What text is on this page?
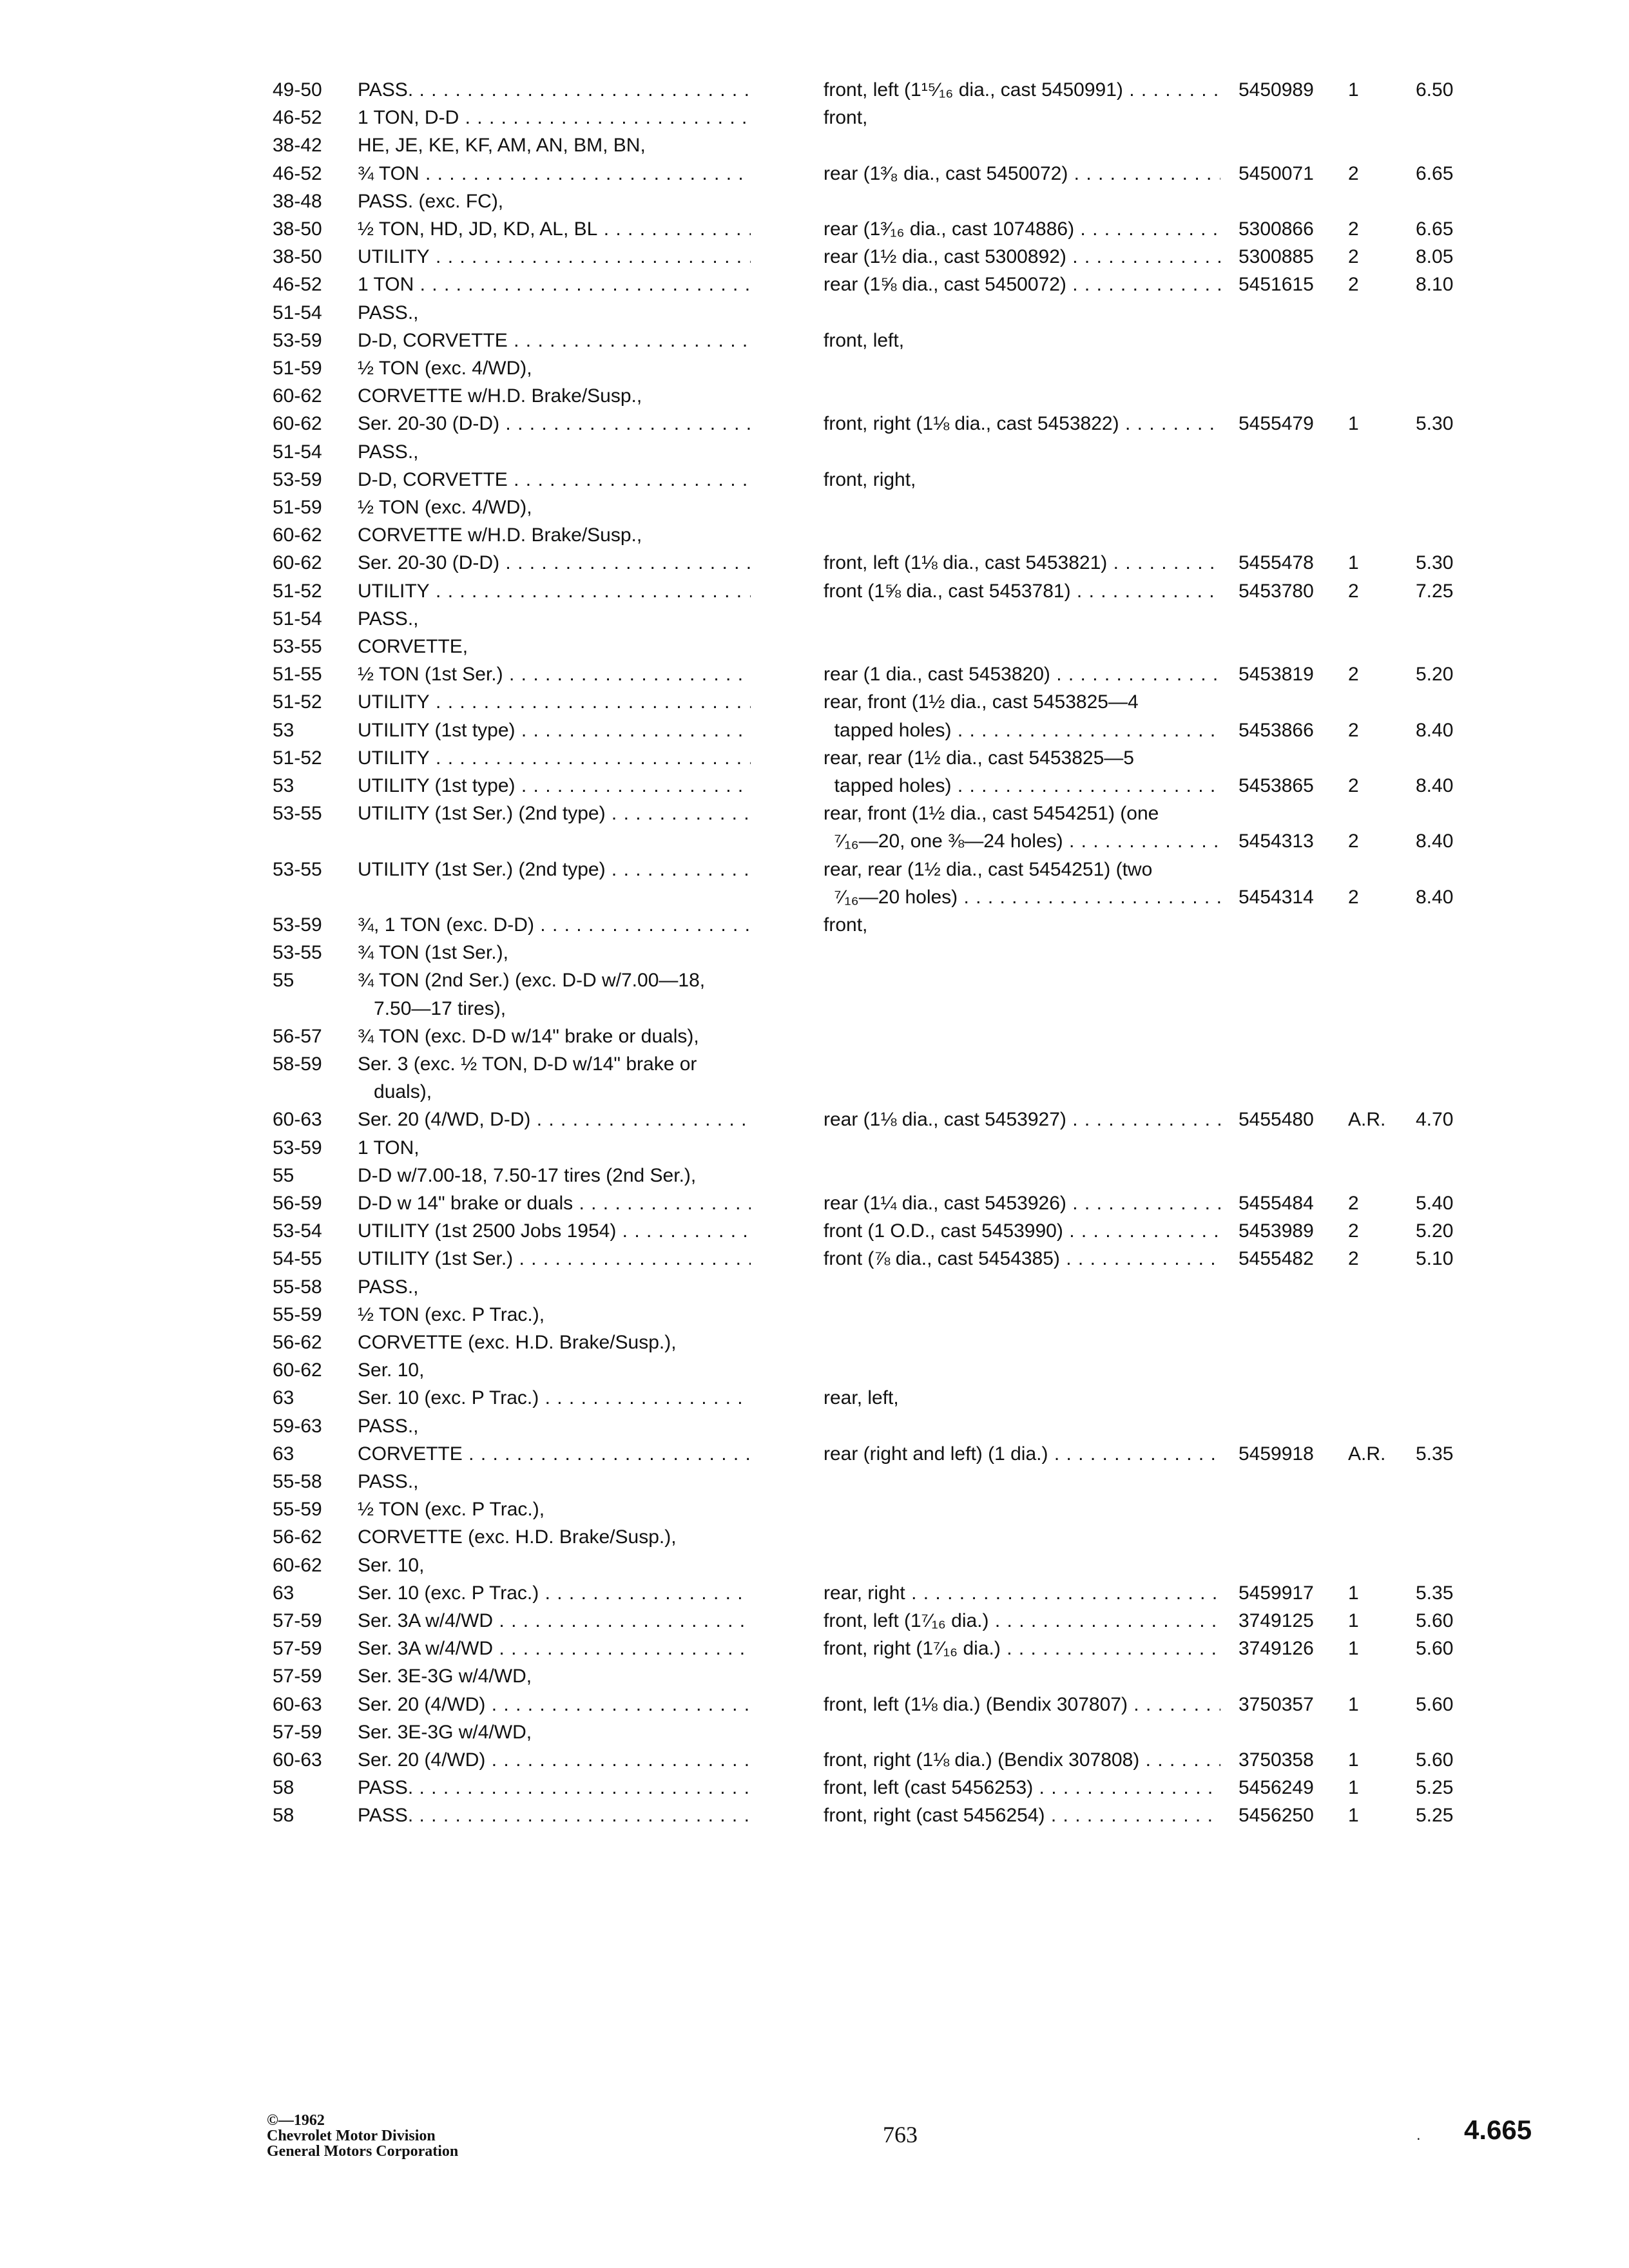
49-50 PASS. . . .	front, left (1¹⁵⁄₁₆ dia., cast 5450991) . . .	5450989 1	6.50
46-52 1 TON, D-D . . .	front,
38-42 HE, JE, KE, KF, AM, AN, BM, BN,
46-52 ¾ TON . . .	rear (1³⁄₈ dia., cast 5450072) . . .	5450071 2	6.65
38-48 PASS. (exc. FC),
38-50 ½ TON, HD, JD, KD, AL, BL . . .	rear (1³⁄₁₆ dia., cast 1074886) . . .	5300866 2	6.65
38-50 UTILITY . . .	rear (1½ dia., cast 5300892) . . .	5300885 2	8.05
46-52 1 TON . . .	rear (1⅝ dia., cast 5450072) . . .	5451615 2	8.10
51-54 PASS.,
53-59 D-D, CORVETTE . . .	front, left,
51-59 ½ TON (exc. 4/WD),
60-62 CORVETTE w/H.D. Brake/Susp.,
60-62 Ser. 20-30 (D-D) . . .	front, right (1⅛ dia., cast 5453822) . . .	5455479 1	5.30
51-54 PASS.,
53-59 D-D, CORVETTE . . .	front, right,
51-59 ½ TON (exc. 4/WD),
60-62 CORVETTE w/H.D. Brake/Susp.,
60-62 Ser. 20-30 (D-D) . . .	front, left (1⅛ dia., cast 5453821) . . .	5455478 1	5.30
51-52 UTILITY . . .	front (1⅝ dia., cast 5453781) . . .	5453780 2	7.25
51-54 PASS.,
53-55 CORVETTE,
51-55 ½ TON (1st Ser.) . . .	rear (1 dia., cast 5453820) . . .	5453819 2	5.20
51-52 UTILITY . . .	rear, front (1½ dia., cast 5453825—4
53	UTILITY (1st type) . . .	tapped holes) . . .	5453866 2	8.40
51-52 UTILITY . . .	rear, rear (1½ dia., cast 5453825—5
53	UTILITY (1st type) . . .	tapped holes) . . .	5453865 2	8.40
53-55 UTILITY (1st Ser.) (2nd type) . . .	rear, front (1½ dia., cast 5454251) (one
⁷⁄₁₆—20, one ⅜—24 holes) . . .	5454313 2	8.40
53-55 UTILITY (1st Ser.) (2nd type) . . .	rear, rear (1½ dia., cast 5454251) (two
⁷⁄₁₆—20 holes) . . .	5454314 2	8.40
53-59 ¾, 1 TON (exc. D-D) . . .	front,
53-55 ¾ TON (1st Ser.),
55	¾ TON (2nd Ser.) (exc. D-D w/7.00—18,
7.50—17 tires),
56-57 ¾ TON (exc. D-D w/14" brake or duals),
58-59 Ser. 3 (exc. ½ TON, D-D w/14" brake or
duals),
60-63 Ser. 20 (4/WD, D-D) . . .	rear (1⅛ dia., cast 5453927) . . .	5455480 A.R. 4.70
53-59 1 TON,
55	D-D w/7.00-18, 7.50-17 tires (2nd Ser.),
56-59 D-D w 14" brake or duals . . .	rear (1¼ dia., cast 5453926) . . .	5455484 2	5.40
53-54 UTILITY (1st 2500 Jobs 1954) . . .	front (1 O.D., cast 5453990) . . .	5453989 2	5.20
54-55 UTILITY (1st Ser.) . . .	front (⅞ dia., cast 5454385) . . .	5455482 2	5.10
55-58 PASS.,
55-59 ½ TON (exc. P Trac.),
56-62 CORVETTE (exc. H.D. Brake/Susp.),
60-62 Ser. 10,
63	Ser. 10 (exc. P Trac.) . . .	rear, left,
59-63 PASS.,
63	CORVETTE . . .	rear (right and left) (1 dia.) . . .	5459918 A.R. 5.35
55-58 PASS.,
55-59 ½ TON (exc. P Trac.),
56-62 CORVETTE (exc. H.D. Brake/Susp.),
60-62 Ser. 10,
63	Ser. 10 (exc. P Trac.) . . .	rear, right . . .	5459917 1	5.35
57-59 Ser. 3A w/4/WD . . .	front, left (1⁷⁄₁₆ dia.) . . .	3749125 1	5.60
57-59 Ser. 3A w/4/WD . . .	front, right (1⁷⁄₁₆ dia.) . . .	3749126 1	5.60
57-59 Ser. 3E-3G w/4/WD,
60-63 Ser. 20 (4/WD) . . .	front, left (1⅛ dia.) (Bendix 307807) . . .	3750357 1	5.60
57-59 Ser. 3E-3G w/4/WD,
60-63 Ser. 20 (4/WD) . . .	front, right (1⅛ dia.) (Bendix 307808) . . .	3750358 1	5.60
58	PASS. . . .	front, left (cast 5456253) . . .	5456249 1	5.25
58	PASS. . . .	front, right (cast 5456254) . . .	5456250 1	5.25
©—1962
Chevrolet Motor Division
General Motors Corporation
763	. 4.665
